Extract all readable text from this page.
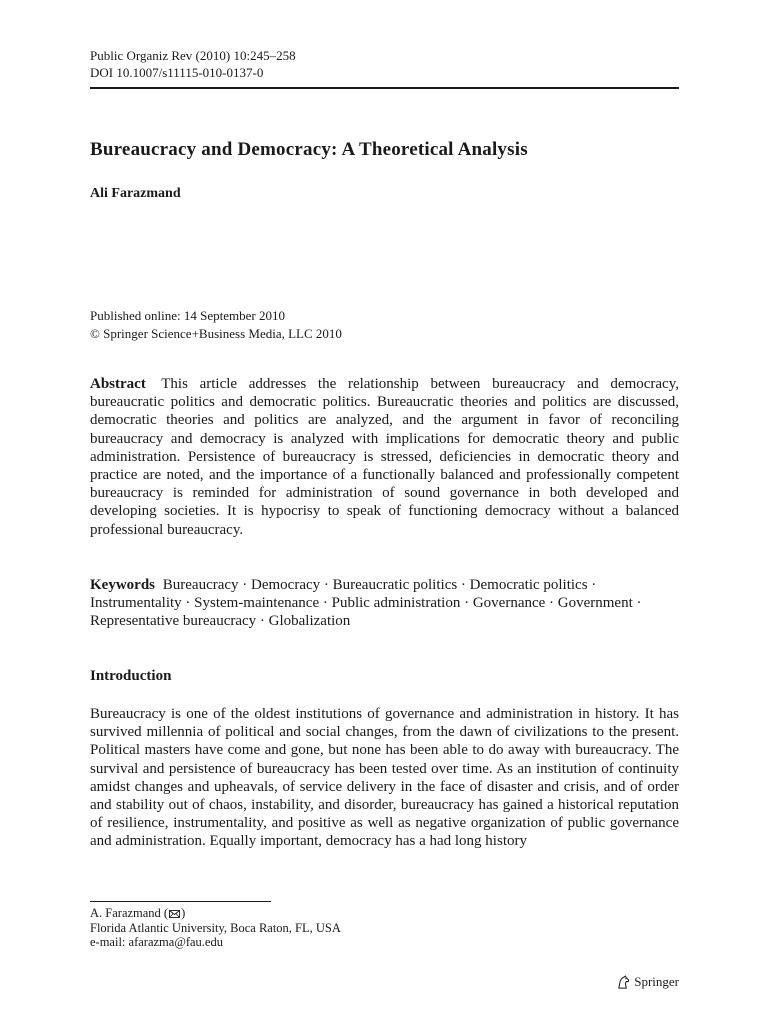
Public Organiz Rev (2010) 10:245–258
DOI 10.1007/s11115-010-0137-0
Bureaucracy and Democracy: A Theoretical Analysis
Ali Farazmand
Published online: 14 September 2010
© Springer Science+Business Media, LLC 2010
Abstract This article addresses the relationship between bureaucracy and democracy, bureaucratic politics and democratic politics. Bureaucratic theories and politics are discussed, democratic theories and politics are analyzed, and the argument in favor of reconciling bureaucracy and democracy is analyzed with implications for democratic theory and public administration. Persistence of bureaucracy is stressed, deficiencies in democratic theory and practice are noted, and the importance of a functionally balanced and professionally competent bureaucracy is reminded for administration of sound governance in both developed and developing societies. It is hypocrisy to speak of functioning democracy without a balanced professional bureaucracy.
Keywords Bureaucracy · Democracy · Bureaucratic politics · Democratic politics · Instrumentality · System-maintenance · Public administration · Governance · Government · Representative bureaucracy · Globalization
Introduction
Bureaucracy is one of the oldest institutions of governance and administration in history. It has survived millennia of political and social changes, from the dawn of civilizations to the present. Political masters have come and gone, but none has been able to do away with bureaucracy. The survival and persistence of bureaucracy has been tested over time. As an institution of continuity amidst changes and upheavals, of service delivery in the face of disaster and crisis, and of order and stability out of chaos, instability, and disorder, bureaucracy has gained a historical reputation of resilience, instrumentality, and positive as well as negative organization of public governance and administration. Equally important, democracy has a had long history
A. Farazmand ( )
Florida Atlantic University, Boca Raton, FL, USA
e-mail: afarazma@fau.edu
Springer
